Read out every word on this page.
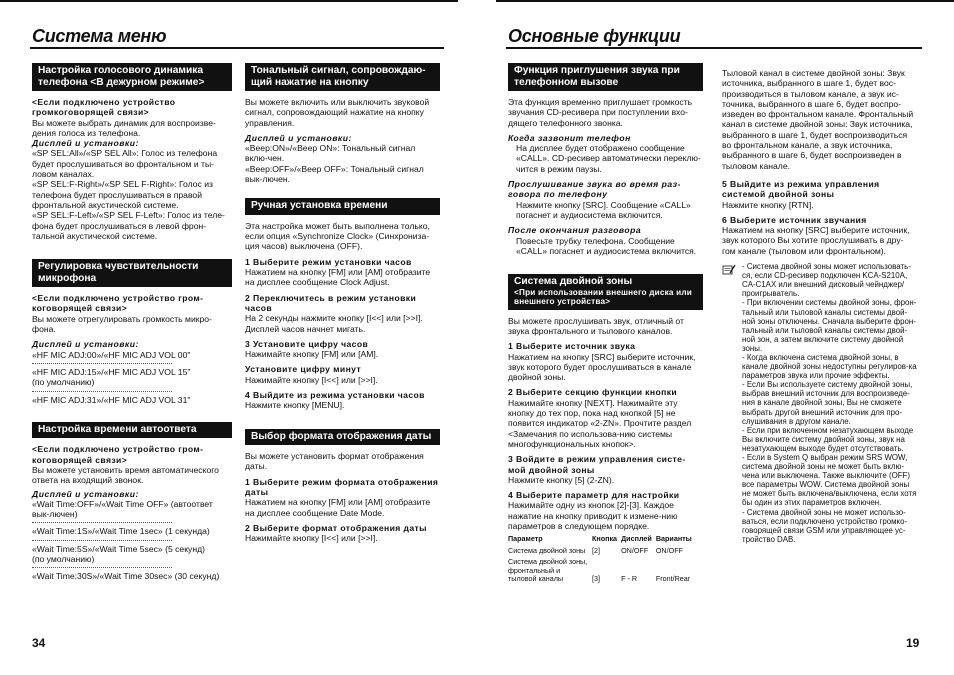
Система меню
Настройка голосового динамика телефона <В дежурном режиме>
<Если подключено устройство громкоговорящей связи>
Вы можете выбрать динамик для воспроизве-дения голоса из телефона.
Дисплей и установки:
«SP SEL:All»/«SP SEL All»: Голос из телефона будет прослушиваться во фронтальном и ты-ловом каналах.
«SP SEL:F-Right»/«SP SEL F-Right»: Голос из телефона будет прослушиваться в правой фронтальной акустической системе.
«SP SEL:F-Left»/«SP SEL F-Left»: Голос из теле-фона будет прослушиваться в левой фрон-тальной акустической системе.
Регулировка чувствительности микрофона
<Если подключено устройство гром-коговорящей связи>
Вы можете отрегулировать громкость микро-фона.
Дисплей и установки:
«HF MIC ADJ:00»/«HF MIC ADJ VOL 00"
«HF MIC ADJ:15»/«HF MIC ADJ VOL 15"
(по умолчанию)
«HF MIC ADJ:31»/«HF MIC ADJ VOL 31"
Настройка времени автоответа
<Если подключено устройство гром-коговорящей связи>
Вы можете установить время автоматического ответа на входящий звонок.
Дисплей и установки:
«Wait Time:OFF»/«Wait Time OFF» (автоответ вык-лючен)
«Wait Time:1S»/«Wait Time 1sec» (1 секунда)
«Wait Time:5S»/«Wait Time 5sec» (5 секунд)
(по умолчанию)
«Wait Time:30S»/«Wait Time 30sec» (30 секунд)
Тональный сигнал, сопровождаю-щий нажатие на кнопку
Вы можете включить или выключить звуковой сигнал, сопровождающий нажатие на кнопку управления.
Дисплей и установки:
«Beep:ON»/«Beep ON»: Тональный сигнал вклю-чен.
«Beep:OFF»/«Beep OFF»: Тональный сигнал вык-лючен.
Ручная установка времени
Эта настройка может быть выполнена только, если опция «Synchronize Clock» (Синхрониза-ция часов) выключена (OFF).
1 Выберите режим установки часов
Нажатием на кнопку [FM] или [AM] отобразите на дисплее сообщение Clock Adjust.
2 Переключитесь в режим установки часов
На 2 секунды нажмите кнопку [I<<] или [>>I]. Дисплей часов начнет мигать.
3 Установите цифру часов
Нажимайте кнопку [FM] или [AM].
Установите цифру минут
Нажимайте кнопку [I<<] или [>>I].
4 Выйдите из режима установки часов
Нажмите кнопку [MENU].
Выбор формата отображения даты
Вы можете установить формат отображения даты.
1 Выберите режим формата отображения даты
Нажатием на кнопку [FM] или [AM] отобразите на дисплее сообщение Date Mode.
2 Выберите формат отображения даты
Нажимайте кнопку [I<<] или [>>I].
34
Основные функции
Функция приглушения звука при телефонном вызове
Эта функция временно приглушает громкость звучания CD-ресивера при поступлении вхо-дящего телефонного звонка.
Когда зазвонит телефон
На дисплее будет отображено сообщение «CALL». CD-ресивер автоматически переклю-чится в режим паузы.
Прослушивание звука во время раз-говора по телефону
Нажмите кнопку [SRC]. Сообщение «CALL» погаснет и аудиосистема включится.
После окончания разговора
Повесьте трубку телефона. Сообщение «CALL» погаснет и аудиосистема включится.
Система двойной зоны
<При использовании внешнего диска или внешнего устройства>
Вы можете прослушивать звук, отличный от звука фронтального и тылового каналов.
1 Выберите источник звука
Нажатием на кнопку [SRC] выберите источник, звук которого будет прослушиваться в канале двойной зоны.
2 Выберите секцию функции кнопки
Нажимайте кнопку [NEXT]. Нажимайте эту кнопку до тех пор, пока над кнопкой [5] не появится индикатор «2-ZN». Прочтите раздел <Замечания по использова-нию системы многофункциональных кнопок>.
3 Войдите в режим управления систе-мой двойной зоны
Нажмите кнопку [5] (2-ZN).
4 Выберите параметр для настройки
Нажимайте одну из кнопок [2]-[3]. Каждое нажатие на кнопку приводит к измене-нию параметров в следующем порядке.
Параметр	Кнопка	Дисплей	Варианты
Система двойной зоны	[2]	ON/OFF	ON/OFF
Система двойной зоны, фронтальный и тыловой каналы	[3]	F - R	Front/Rear
Тыловой канал в системе двойной зоны: Звук источника, выбранного в шаге 1, будет вос-производиться в тыловом канале, а звук ис-точника, выбранного в шаге 6, будет воспро-изведен во фронтальном канале. Фронтальный канал в системе двойной зоны: Звук источника, выбранного в шаге 1, будет воспроизводиться во фронтальном канале, а звук источника, выбранного в шаге 6, будет воспроизведен в тыловом канале.
5 Выйдите из режима управления системой двойной зоны
Нажмите кнопку [RTN].
6 Выберите источник звучания
Нажатием на кнопку [SRC] выберите источник, звук которого Вы хотите прослушивать в дру-гом канале (тыловом или фронтальном).
- Система двойной зоны может использовать-ся, если CD-ресивер подключен KCA-S210A, CA-C1AX или внешний дисковый чейнджер/ проигрыватель.
- При включении системы двойной зоны, фрон-тальный или тыловой каналы системы двой-ной зоны отключены. Сначала выберите фрон-тальный или тыловой каналы системы двой-ной зон, а затем включите систему двойной зоны.
- Когда включена система двойной зоны, в канале двойной зоны недоступны регулиров-ка параметров звука или прочие эффекты.
- Если Вы используете систему двойной зоны, выбрав внешний источник для воспроизведе-ния в канале двойной зоны, Вы не сможете выбрать другой внешний источник для про-слушивания в другом канале.
- Если при включенном незатухающем выходе Вы включите систему двойной зоны, звук на незатухающем выходе будет отсутствовать.
- Если в System Q выбран режим SRS WOW, система двойной зоны не может быть вклю-чена или выключена. Также выключите (OFF) все параметры WOW. Система двойной зоны не может быть включена/выключена, если хотя бы один из этих параметров включен.
- Система двойной зоны не может использо-ваться, если подключено устройство громко-говорящей связи GSM или управляющее ус-тройство DAB.
19
